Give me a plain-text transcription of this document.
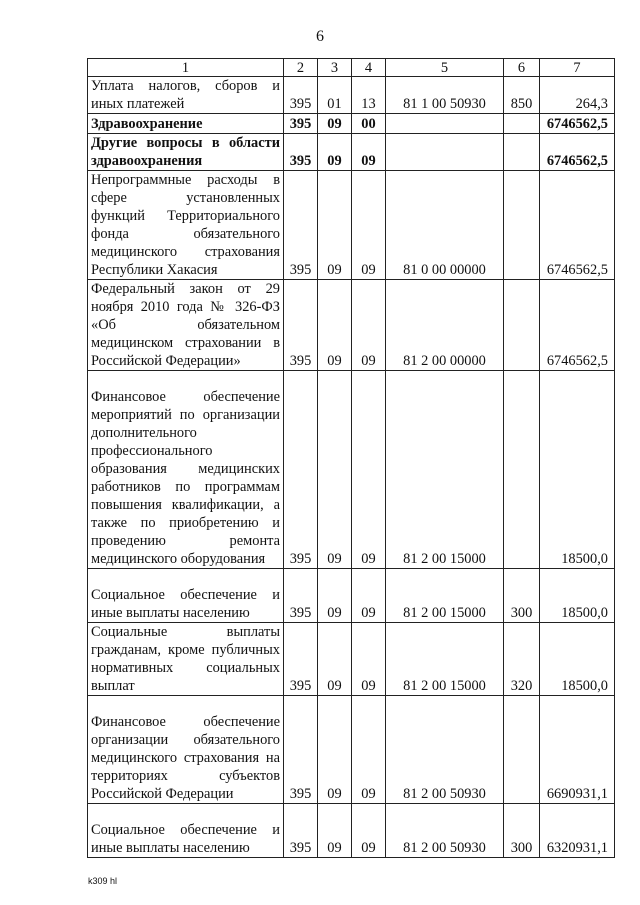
6
1	2	3	4	5	6	7
Уплата налогов, сборов и иных платежей	395	01	13	81 1 00 50930	850	264,3
Здравоохранение	395	09	00			6746562,5
Другие вопросы в области здравоохранения	395	09	09			6746562,5
Непрограммные расходы в сфере установленных функций Территориального фонда обязательного медицинского страхования Республики Хакасия	395	09	09	81 0 00 00000		6746562,5
Федеральный закон от 29 ноября 2010 года № 326-ФЗ «Об обязательном медицинском страховании в Российской Федерации»	395	09	09	81 2 00 00000		6746562,5
Финансовое обеспечение мероприятий по организации дополнительного профессионального образования медицинских работников по программам повышения квалификации, а также по приобретению и проведению ремонта медицинского оборудования	395	09	09	81 2 00 15000		18500,0
Социальное обеспечение и иные выплаты населению	395	09	09	81 2 00 15000	300	18500,0
Социальные выплаты гражданам, кроме публичных нормативных социальных выплат	395	09	09	81 2 00 15000	320	18500,0
Финансовое обеспечение организации обязательного медицинского страхования на территориях субъектов Российской Федерации	395	09	09	81 2 00 50930		6690931,1
Социальное обеспечение и иные выплаты населению	395	09	09	81 2 00 50930	300	6320931,1
k309 hl
